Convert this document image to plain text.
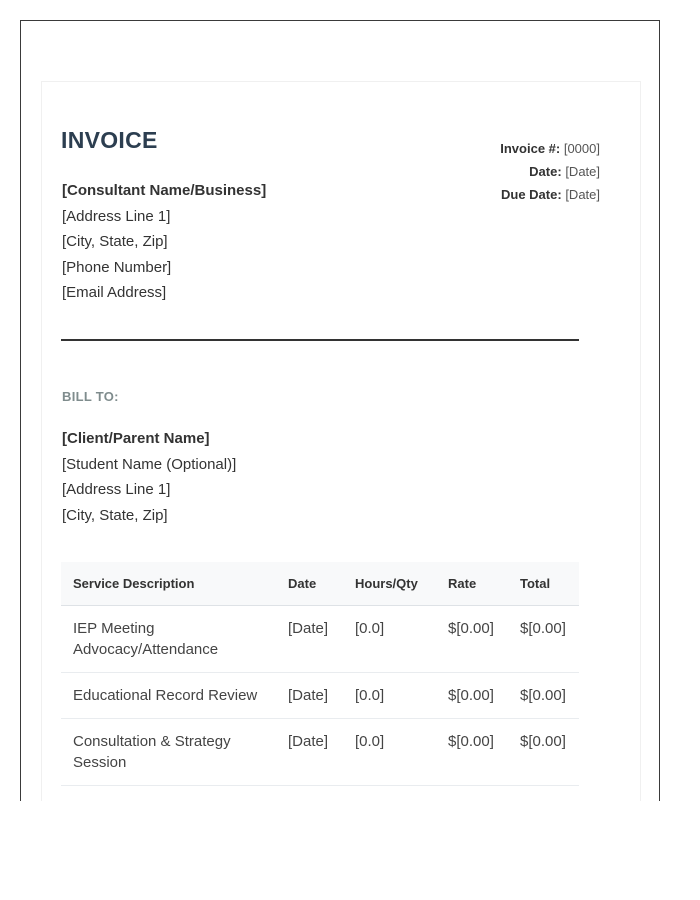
INVOICE
[Consultant Name/Business]
[Address Line 1]
[City, State, Zip]
[Phone Number]
[Email Address]
Invoice #: [0000]
Date: [Date]
Due Date: [Date]
BILL TO:
[Client/Parent Name]
[Student Name (Optional)]
[Address Line 1]
[City, State, Zip]
Service Description	Date	Hours/Qty	Rate	Total
IEP Meeting Advocacy/Attendance	[Date]	[0.0]	$[0.00]	$[0.00]
Educational Record Review	[Date]	[0.0]	$[0.00]	$[0.00]
Consultation & Strategy Session	[Date]	[0.0]	$[0.00]	$[0.00]
